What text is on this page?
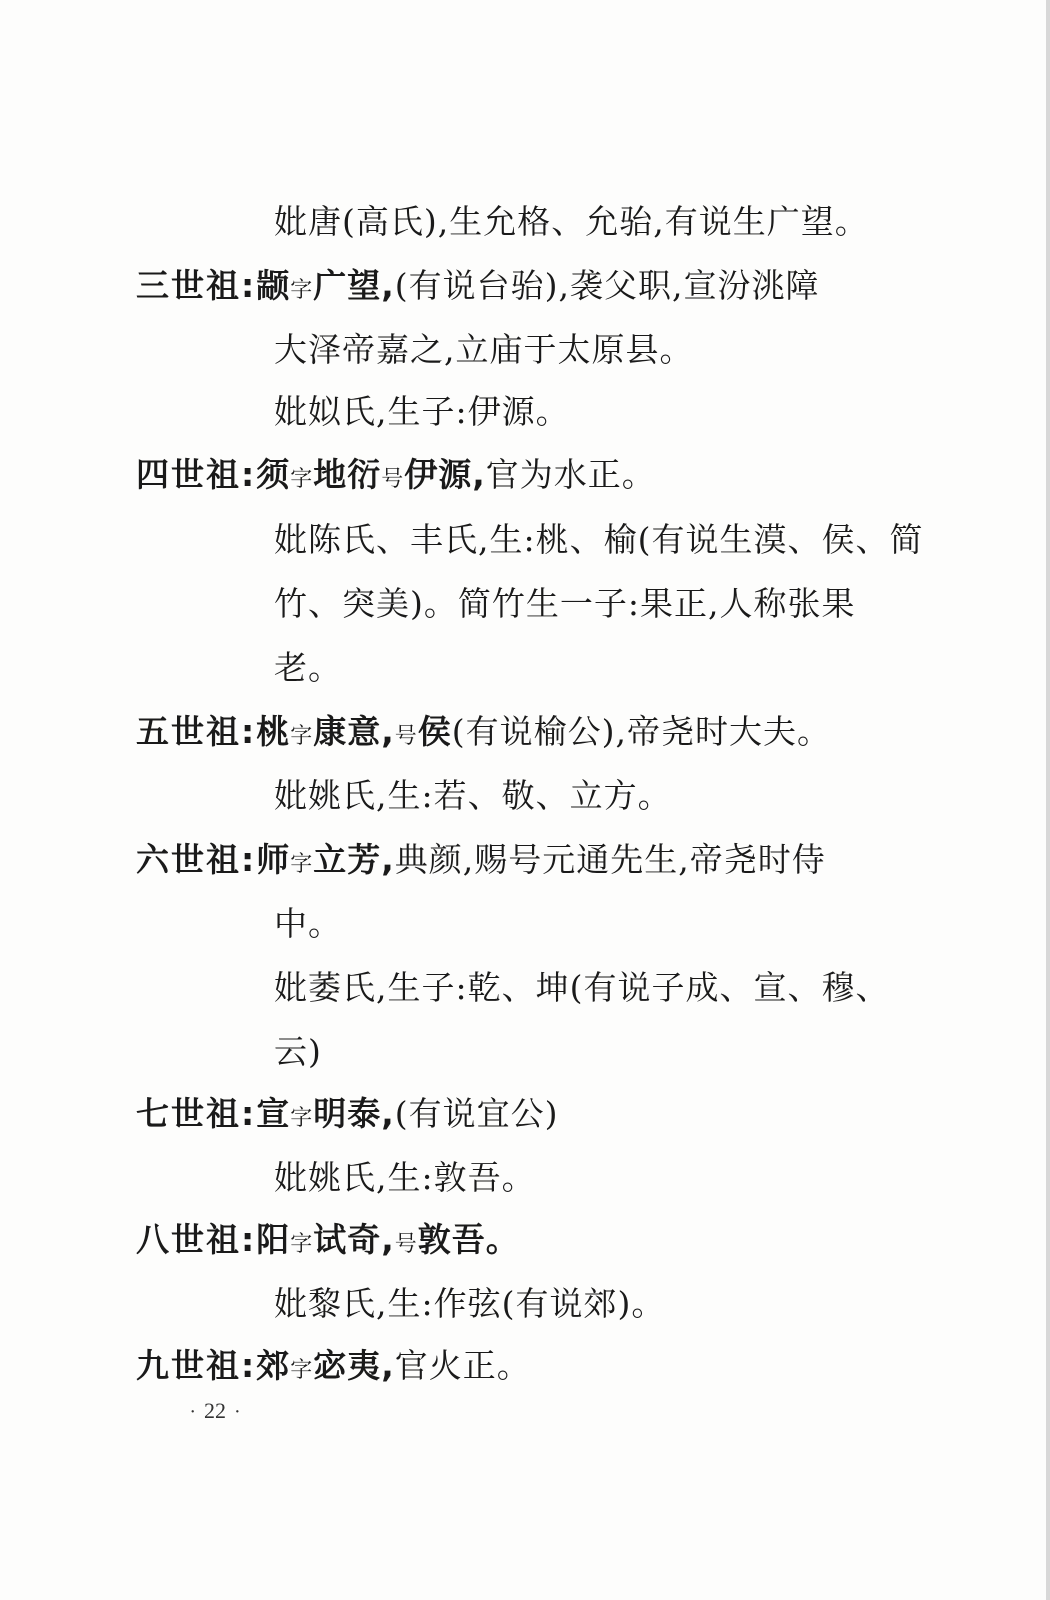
妣唐(高氏),生允格、允骀,有说生广望。
三世祖:颛字广望,(有说台骀),袭父职,宣汾洮障
大泽帝嘉之,立庙于太原县。
妣姒氏,生子:伊源。
四世祖:须字地衍号伊源,官为水正。
妣陈氏、丰氏,生:桃、榆(有说生漠、侯、简
竹、突美)。简竹生一子:果正,人称张果
老。
五世祖:桃字康意,号侯(有说榆公),帝尧时大夫。
妣姚氏,生:若、敬、立方。
六世祖:师字立芳,典颜,赐号元通先生,帝尧时侍
中。
妣萎氏,生子:乾、坤(有说子成、宣、穆、
云)
七世祖:宣字明泰,(有说宜公)
妣姚氏,生:敦吾。
八世祖:阳字试奇,号敦吾。
妣黎氏,生:作弦(有说郊)。
九世祖:郊字宓夷,官火正。
· 22 ·
